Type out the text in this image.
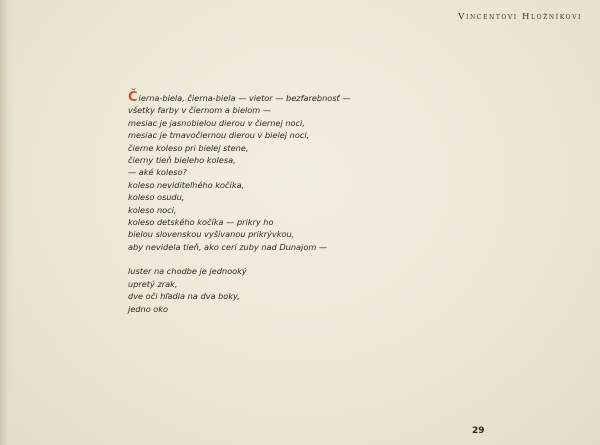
Vincentovi Hložníkovi
Čierna-biela, čierna-biela — vietor — bezfarebnosť —
všetky farby v čiernom a bielom —
mesiac je jasnobielou dierou v čiernej noci,
mesiac je tmavočiernou dierou v bielej noci,
čierne koleso pri bielej stene,
čierny tieň bieleho kolesa,
— aké koleso?
koleso neviditeľného kočíka,
koleso osudu,
koleso noci,
koleso detského kočíka — prikry ho
bielou slovenskou vyšívanou prikrývkou,
aby nevidela tieň, ako cerí zuby nad Dunajom —
luster na chodbe je jednooký
upretý zrak,
dve oči hľadia na dva boky,
jedno oko
29
